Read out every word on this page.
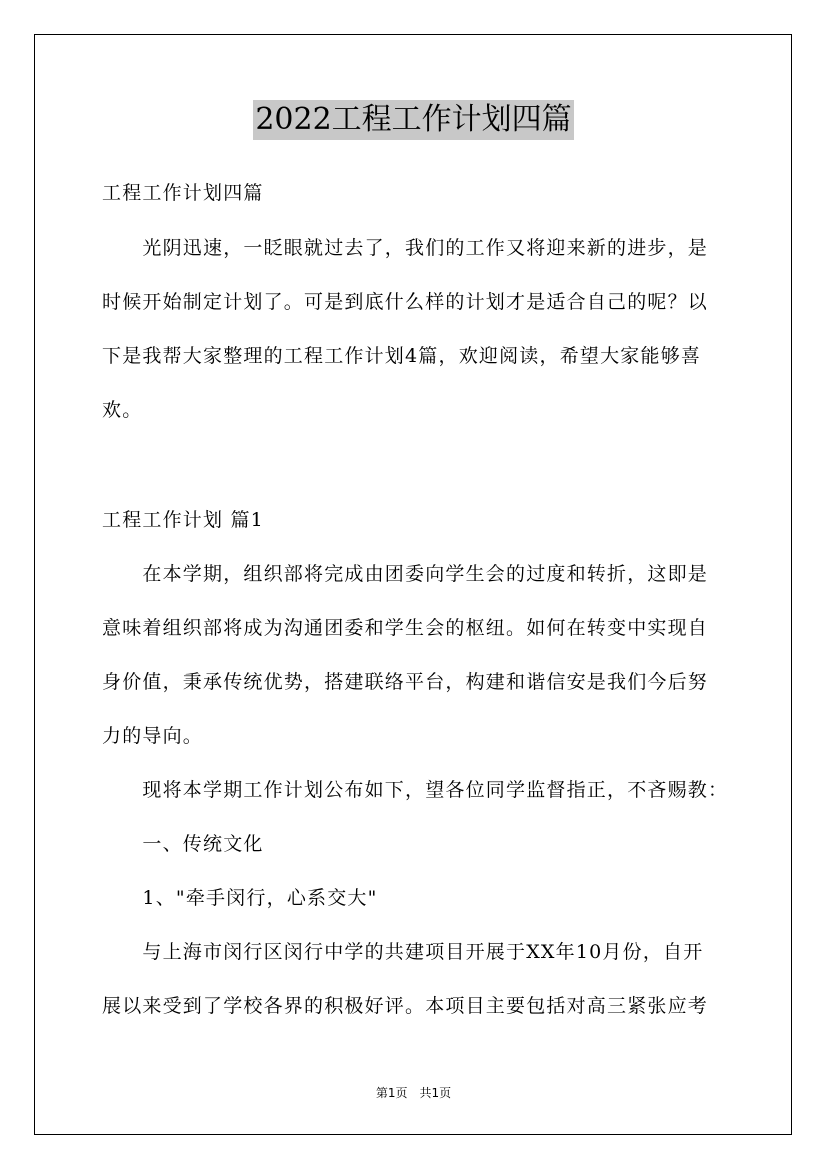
2022工程工作计划四篇
工程工作计划四篇
　　光阴迅速，一眨眼就过去了，我们的工作又将迎来新的进步，是
时候开始制定计划了。可是到底什么样的计划才是适合自己的呢？以
下是我帮大家整理的工程工作计划4篇，欢迎阅读，希望大家能够喜
欢。
工程工作计划 篇1
　　在本学期，组织部将完成由团委向学生会的过度和转折，这即是
意味着组织部将成为沟通团委和学生会的枢纽。如何在转变中实现自
身价值，秉承传统优势，搭建联络平台，构建和谐信安是我们今后努
力的导向。
　　现将本学期工作计划公布如下，望各位同学监督指正，不吝赐教：
　　一、传统文化
　　1、"牵手闵行，心系交大"
　　与上海市闵行区闵行中学的共建项目开展于XX年10月份，自开
展以来受到了学校各界的积极好评。本项目主要包括对高三紧张应考
第1页　共1页
